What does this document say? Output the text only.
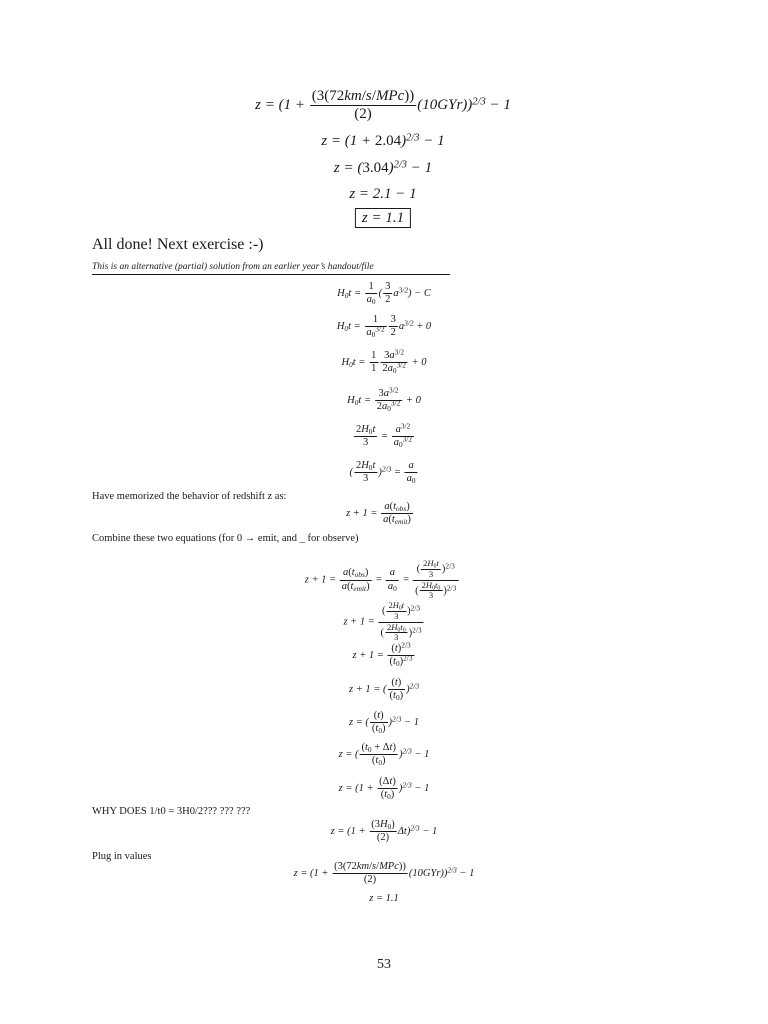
$z = (1 + \frac{\text{(3(72km/s/MPc))}}{(2)} (10GYr))^{2/3} - 1$
$z = (1 + 2.04)^{2/3} - 1$
$z = (3.04)^{2/3} - 1$
z = 2.1 − 1
z = 1.1
All done! Next exercise :-)
This is an alternative (partial) solution from an earlier year’s handout/file
$H_0t = \frac{1}{a_0}$ ( $\frac{3}{2} a^{3/2}) - C$
$H_0t = \frac{1}{a_0^{3/2}} \frac{3}{2} a^{3/2} + 0$
$H_0t = \frac{1}{1} \frac{3a^{3/2}}{2a_0^{3/2}} + 0$
$H_0t = \frac{3a^{3/2}}{2a_0^{3/2}} + 0$
$\frac{2H_0t}{3} = \frac{a^{3/2}}{a_0^{3/2}}$
( $\frac{2H_0t}{3} )^{2/3} = \frac{a}{a_0}$
Have memorized the behavior of redshift z as:
$z + 1 = \frac{a(t_{obs})}{a(t_{emit})}$
Combine these two equations (for 0 → emit, and _ for observe)
$z + 1 = \frac{a(t_{obs})}{a(t_{emit})} = \frac{a}{a_0} = \frac{( \frac{2H_0t}{3} )^{2/3}}{( \frac{2H_0t_0}{3} )^{2/3}}$
$z + 1 = \frac{( \frac{2H_0t}{3} )^{2/3}}{( \frac{2H_0t_0}{3} )^{2/3}}$
$z + 1 = \frac{(t)^{2/3}}{(t_0)^{2/3}}$
z + 1 = ( $\frac{(t)}{(t_0)} )^{2/3}$
z = ( $\frac{(t)}{(t_0)} )^{2/3} - 1$
z = ( $\frac{(t_0 + \Delta t)}{(t_0)} )^{2/3} - 1$
$z = (1 + \frac{(\Delta t)}{(t_0)} )^{2/3} - 1$
WHY DOES 1/t0 = 3H0/2??? ??? ???
$z = (1 + \frac{(3H_0)}{(2)} \Delta t)^{2/3} - 1$
Plug in values
$z = (1 + \frac{\text{(3(72km/s/MPc))}}{(2)} (10GYr))^{2/3} - 1$
z = 1.1
53
